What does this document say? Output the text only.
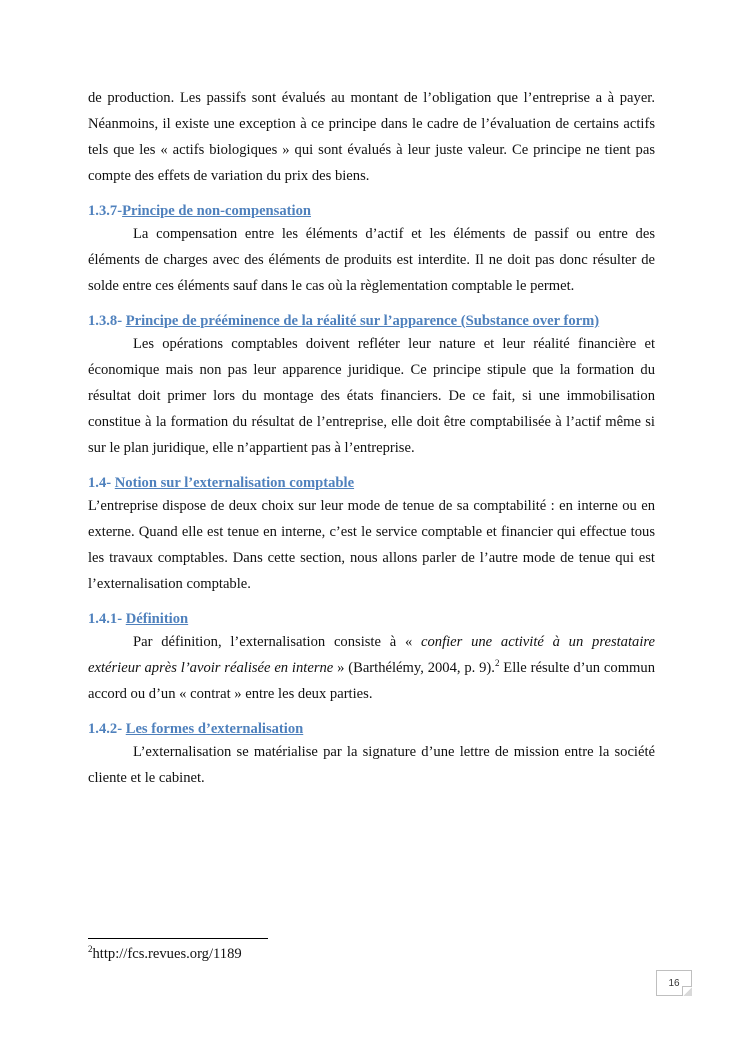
de production. Les passifs sont évalués au montant de l’obligation que l’entreprise a à payer. Néanmoins, il existe une exception à ce principe dans le cadre de l’évaluation de certains actifs tels que les « actifs biologiques » qui sont évalués à leur juste valeur. Ce principe ne tient pas compte des effets de variation du prix des biens.

1.3.7-Principe de non-compensation

La compensation entre les éléments d’actif et les éléments de passif ou entre des éléments de charges avec des éléments de produits est interdite. Il ne doit pas donc résulter de solde entre ces éléments sauf dans le cas où la règlementation comptable le permet.

1.3.8- Principe de prééminence de la réalité sur l’apparence (Substance over form)

Les opérations comptables doivent refléter leur nature et leur réalité financière et économique mais non pas leur apparence juridique. Ce principe stipule que la formation du résultat doit primer lors du montage des états financiers. De ce fait, si une immobilisation constitue à la formation du résultat de l’entreprise, elle doit être comptabilisée à l’actif même si sur le plan juridique, elle n’appartient pas à l’entreprise.

1.4- Notion sur l’externalisation comptable

L’entreprise dispose de deux choix sur leur mode de tenue de sa comptabilité : en interne ou en externe. Quand elle est tenue en interne, c’est le service comptable et financier qui effectue tous les travaux comptables. Dans cette section, nous allons parler de l’autre mode de tenue qui est l’externalisation comptable.

1.4.1- Définition

Par définition, l’externalisation consiste à « confier une activité à un prestataire extérieur après l’avoir réalisée en interne » (Barthélémy, 2004, p. 9).$^2$ Elle résulte d’un commun accord ou d’un « contrat » entre les deux parties.

1.4.2- Les formes d’externalisation

L’externalisation se matérialise par la signature d’une lettre de mission entre la société cliente et le cabinet.

$^2$http://fcs.revues.org/1189
16
